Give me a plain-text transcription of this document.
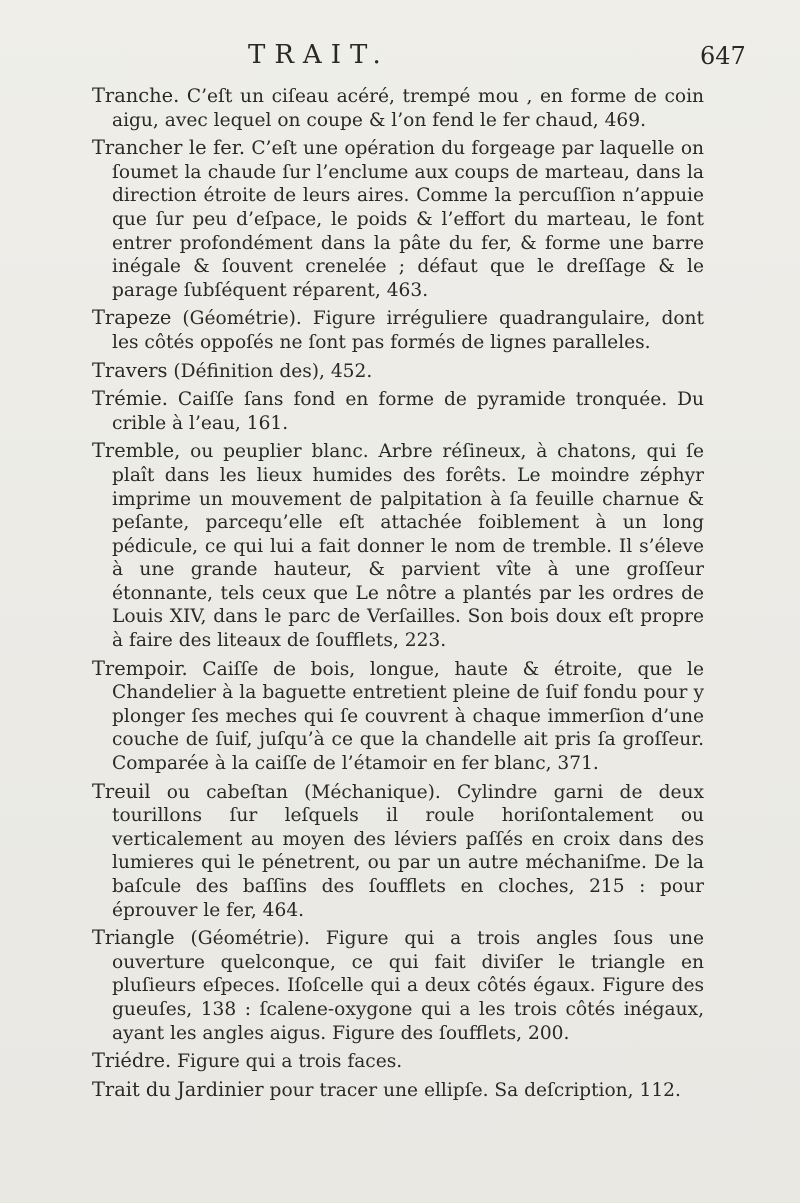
TRAIT.	647

Tranche. C’eſt un ciſeau acéré, trempé mou , en forme de coin aigu, avec lequel on coupe & l’on fend le fer chaud, 469.

Trancher le fer. C’eſt une opération du forgeage par laquelle on ſoumet la chaude ſur l’enclume aux coups de marteau, dans la direction étroite de leurs aires. Comme la percuſſion n’appuie que ſur peu d’eſpace, le poids & l’effort du marteau, le font entrer profondément dans la pâte du fer, & forme une barre inégale & ſouvent crenelée ; défaut que le dreſſage & le parage ſubſéquent réparent, 463.

Trapeze (Géométrie). Figure irréguliere quadrangulaire, dont les côtés oppoſés ne ſont pas formés de lignes paralleles.

Travers (Définition des), 452.

Trémie. Caiſſe ſans fond en forme de pyramide tronquée. Du crible à l’eau, 161.

Tremble, ou peuplier blanc. Arbre réſineux, à chatons, qui ſe plaît dans les lieux humides des forêts. Le moindre zéphyr imprime un mouvement de palpitation à ſa feuille charnue & peſante, parcequ’elle eſt attachée foiblement à un long pédicule, ce qui lui a fait donner le nom de tremble. Il s’éleve à une grande hauteur, & parvient vîte à une groſſeur étonnante, tels ceux que Le nôtre a plantés par les ordres de Louis XIV, dans le parc de Verſailles. Son bois doux eſt propre à faire des liteaux de ſoufflets, 223.

Trempoir. Caiſſe de bois, longue, haute & étroite, que le Chandelier à la baguette entretient pleine de ſuif fondu pour y plonger ſes meches qui ſe couvrent à chaque immerſion d’une couche de ſuif, juſqu’à ce que la chandelle ait pris ſa groſſeur. Comparée à la caiſſe de l’étamoir en fer blanc, 371.

Treuil ou cabeſtan (Méchanique). Cylindre garni de deux tourillons ſur leſquels il roule horiſontalement ou verticalement au moyen des léviers paſſés en croix dans des lumieres qui le pénetrent, ou par un autre méchaniſme. De la baſcule des baſſins des ſoufflets en cloches, 215 : pour éprouver le fer, 464.

Triangle (Géométrie). Figure qui a trois angles ſous une ouverture quelconque, ce qui fait diviſer le triangle en pluſieurs eſpeces. Iſoſcelle qui a deux côtés égaux. Figure des gueuſes, 138 : ſcalene-oxygone qui a les trois côtés inégaux, ayant les angles aigus. Figure des ſoufflets, 200.

Triédre. Figure qui a trois faces.

Trait du Jardinier pour tracer une ellipſe. Sa deſcription, 112.
